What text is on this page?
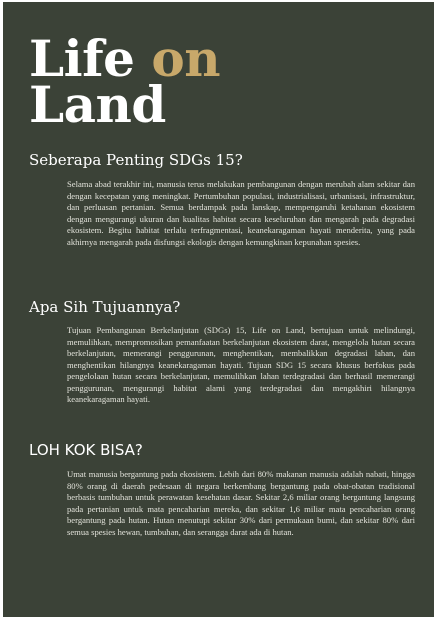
Life on
Land
Seberapa Penting SDGs 15?

Selama abad terakhir ini, manusia terus melakukan pembangunan dengan merubah alam sekitar dan dengan kecepatan yang meningkat. Pertumbuhan populasi, industrialisasi, urbanisasi, infrastruktur, dan perluasan pertanian. Semua berdampak pada lanskap, mempengaruhi ketahanan ekosistem dengan mengurangi ukuran dan kualitas habitat secara keseluruhan dan mengarah pada degradasi ekosistem. Begitu habitat terlalu terfragmentasi, keanekaragaman hayati menderita, yang pada akhirnya mengarah pada disfungsi ekologis dengan kemungkinan kepunahan spesies.

Apa Sih Tujuannya?

Tujuan Pembangunan Berkelanjutan (SDGs) 15, Life on Land, bertujuan untuk melindungi, memulihkan, mempromosikan pemanfaatan berkelanjutan ekosistem darat, mengelola hutan secara berkelanjutan, memerangi penggurunan, menghentikan, membalikkan degradasi lahan, dan menghentikan hilangnya keanekaragaman hayati. Tujuan SDG 15 secara khusus berfokus pada pengelolaan hutan secara berkelanjutan, memulihkan lahan terdegradasi dan berhasil memerangi penggurunan, mengurangi habitat alami yang terdegradasi dan mengakhiri hilangnya keanekaragaman hayati.

LOH KOK BISA?

Umat manusia bergantung pada ekosistem. Lebih dari 80% makanan manusia adalah nabati, hingga 80% orang di daerah pedesaan di negara berkembang bergantung pada obat-obatan tradisional berbasis tumbuhan untuk perawatan kesehatan dasar. Sekitar 2,6 miliar orang bergantung langsung pada pertanian untuk mata pencaharian mereka, dan sekitar 1,6 miliar mata pencaharian orang bergantung pada hutan. Hutan menutupi sekitar 30% dari permukaan bumi, dan sekitar 80% dari semua spesies hewan, tumbuhan, dan serangga darat ada di hutan.
